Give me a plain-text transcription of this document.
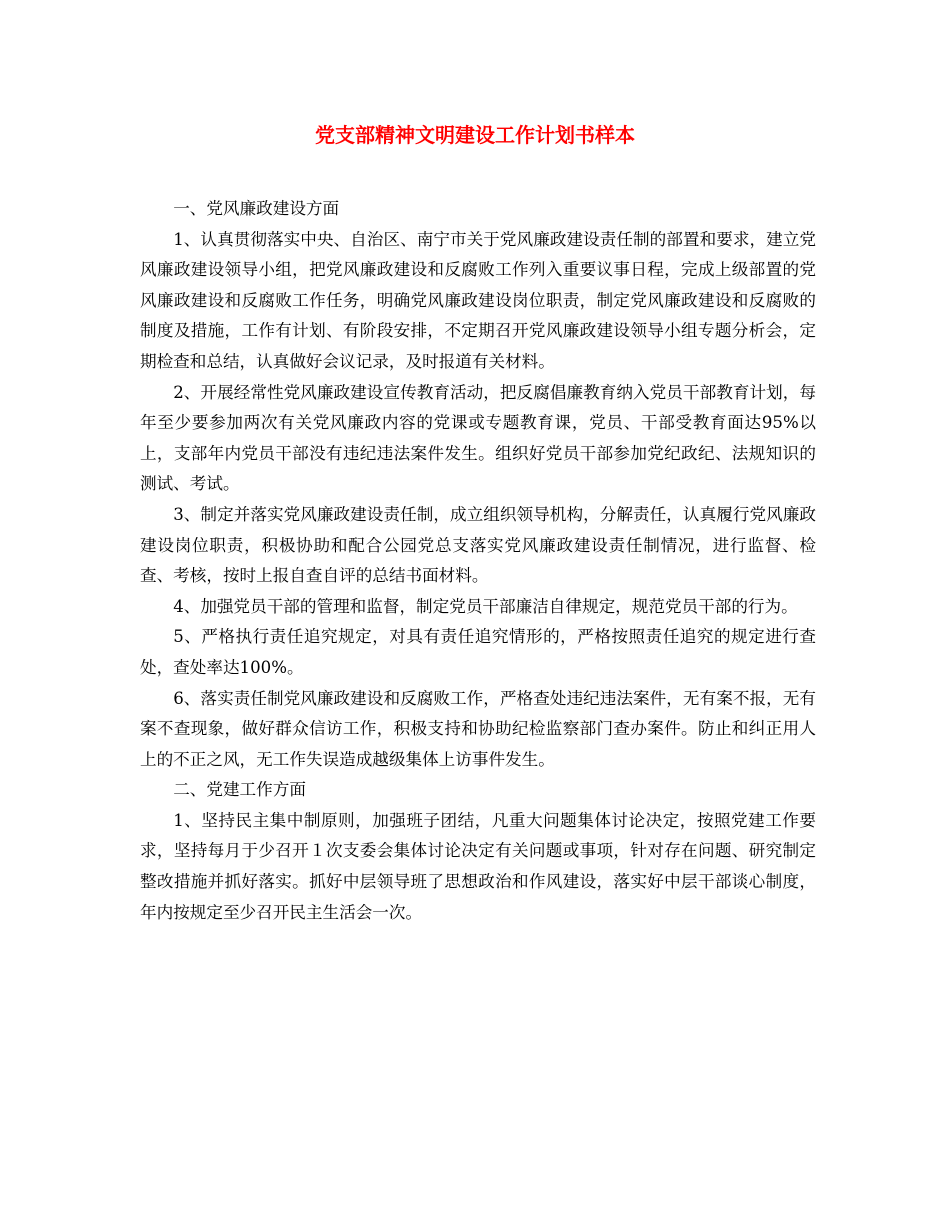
党支部精神文明建设工作计划书样本

一、党风廉政建设方面

1、认真贯彻落实中央、自治区、南宁市关于党风廉政建设责任制的部置和要求，建立党风廉政建设领导小组，把党风廉政建设和反腐败工作列入重要议事日程，完成上级部置的党风廉政建设和反腐败工作任务，明确党风廉政建设岗位职责，制定党风廉政建设和反腐败的制度及措施，工作有计划、有阶段安排，不定期召开党风廉政建设领导小组专题分析会，定期检查和总结，认真做好会议记录，及时报道有关材料。

2、开展经常性党风廉政建设宣传教育活动，把反腐倡廉教育纳入党员干部教育计划，每年至少要参加两次有关党风廉政内容的党课或专题教育课，党员、干部受教育面达95%以上，支部年内党员干部没有违纪违法案件发生。组织好党员干部参加党纪政纪、法规知识的测试、考试。

3、制定并落实党风廉政建设责任制，成立组织领导机构，分解责任，认真履行党风廉政建设岗位职责，积极协助和配合公园党总支落实党风廉政建设责任制情况，进行监督、检查、考核，按时上报自查自评的总结书面材料。

4、加强党员干部的管理和监督，制定党员干部廉洁自律规定，规范党员干部的行为。

5、严格执行责任追究规定，对具有责任追究情形的，严格按照责任追究的规定进行查处，查处率达100%。

6、落实责任制党风廉政建设和反腐败工作，严格查处违纪违法案件，无有案不报，无有案不查现象，做好群众信访工作，积极支持和协助纪检监察部门查办案件。防止和纠正用人上的不正之风，无工作失误造成越级集体上访事件发生。

二、党建工作方面

1、坚持民主集中制原则，加强班子团结，凡重大问题集体讨论决定，按照党建工作要求，坚持每月于少召开１次支委会集体讨论决定有关问题或事项，针对存在问题、研究制定整改措施并抓好落实。抓好中层领导班了思想政治和作风建设，落实好中层干部谈心制度，年内按规定至少召开民主生活会一次。
